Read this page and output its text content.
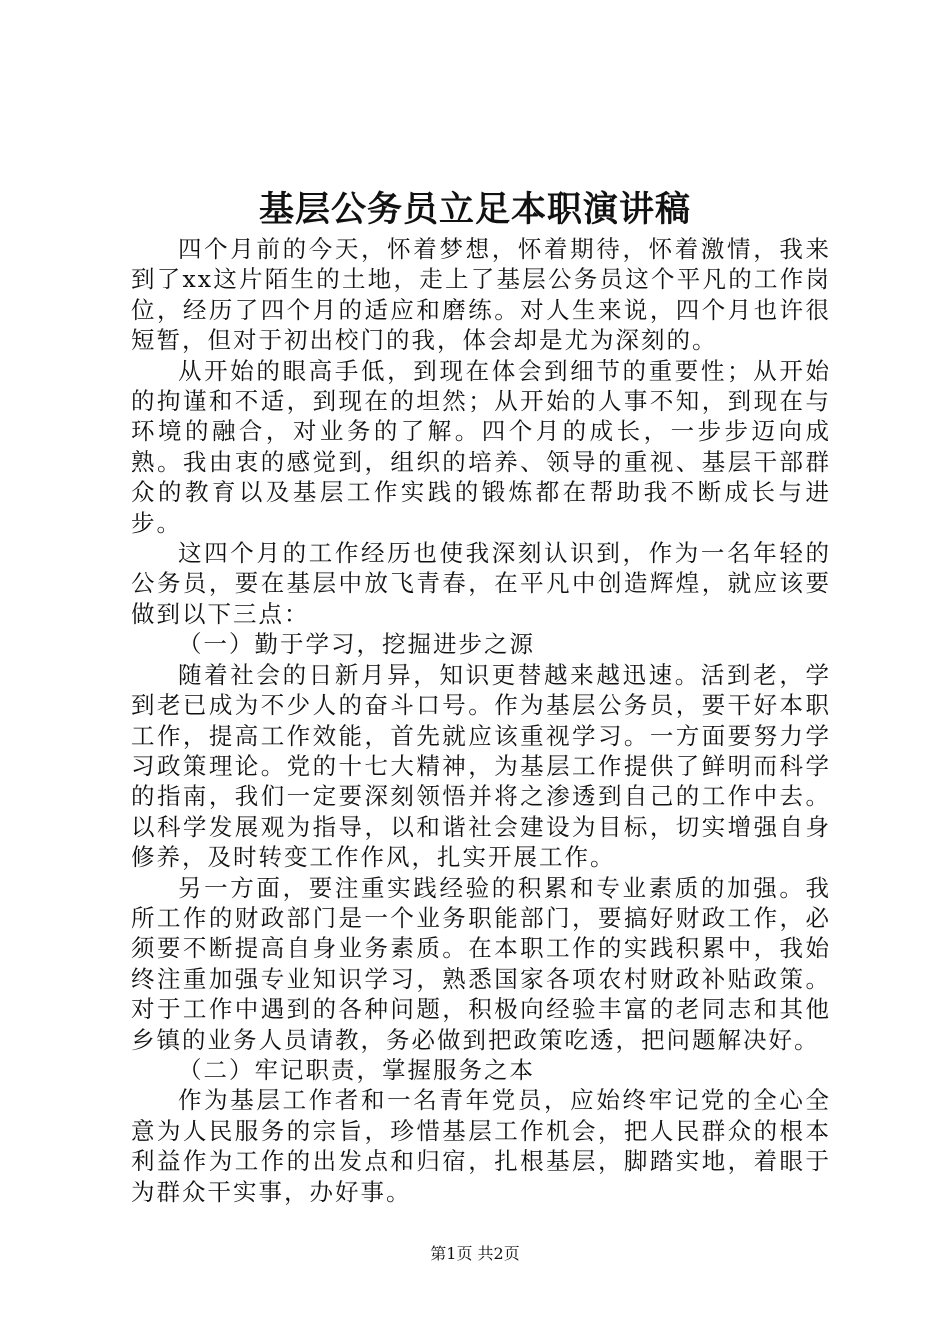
基层公务员立足本职演讲稿

四个月前的今天，怀着梦想，怀着期待，怀着激情，我来到了xx这片陌生的土地，走上了基层公务员这个平凡的工作岗位，经历了四个月的适应和磨练。对人生来说，四个月也许很短暂，但对于初出校门的我，体会却是尤为深刻的。

从开始的眼高手低，到现在体会到细节的重要性；从开始的拘谨和不适，到现在的坦然；从开始的人事不知，到现在与环境的融合，对业务的了解。四个月的成长，一步步迈向成熟。我由衷的感觉到，组织的培养、领导的重视、基层干部群众的教育以及基层工作实践的锻炼都在帮助我不断成长与进步。

这四个月的工作经历也使我深刻认识到，作为一名年轻的公务员，要在基层中放飞青春，在平凡中创造辉煌，就应该要做到以下三点：

（一）勤于学习，挖掘进步之源

随着社会的日新月异，知识更替越来越迅速。活到老，学到老已成为不少人的奋斗口号。作为基层公务员，要干好本职工作，提高工作效能，首先就应该重视学习。一方面要努力学习政策理论。党的十七大精神，为基层工作提供了鲜明而科学的指南，我们一定要深刻领悟并将之渗透到自己的工作中去。以科学发展观为指导，以和谐社会建设为目标，切实增强自身修养，及时转变工作作风，扎实开展工作。

另一方面，要注重实践经验的积累和专业素质的加强。我所工作的财政部门是一个业务职能部门，要搞好财政工作，必须要不断提高自身业务素质。在本职工作的实践积累中，我始终注重加强专业知识学习，熟悉国家各项农村财政补贴政策。对于工作中遇到的各种问题，积极向经验丰富的老同志和其他乡镇的业务人员请教，务必做到把政策吃透，把问题解决好。

（二）牢记职责，掌握服务之本

作为基层工作者和一名青年党员，应始终牢记党的全心全意为人民服务的宗旨，珍惜基层工作机会，把人民群众的根本利益作为工作的出发点和归宿，扎根基层，脚踏实地，着眼于为群众干实事，办好事。

第1页 共2页
